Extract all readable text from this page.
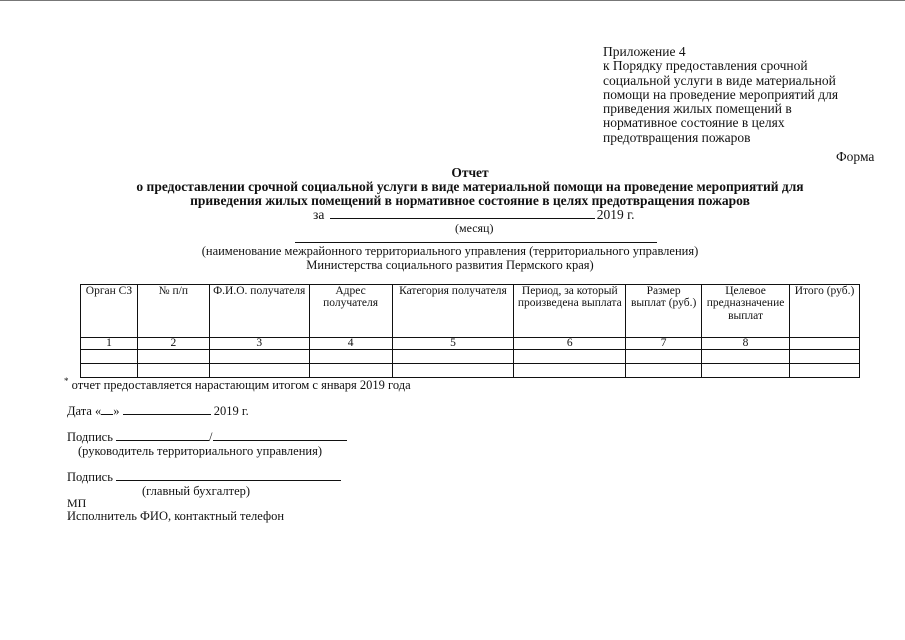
Приложение 4
к Порядку предоставления срочной
социальной услуги в виде материальной
помощи на проведение мероприятий для
приведения жилых помещений в
нормативное состояние в целях
предотвращения пожаров
Форма
Отчет
о предоставлении срочной социальной услуги в виде материальной помощи на проведение мероприятий для
приведения жилых помещений в нормативное состояние в целях предотвращения пожаров
за	2019 г.
(месяц)
(наименование межрайонного территориального управления (территориального управления)
Министерства социального развития Пермского края)
Орган СЗ	№ п/п	Ф.И.О. получателя	Адрес получателя	Категория получателя	Период, за который произведена выплата	Размер выплат (руб.)	Целевое предназначение выплат	Итого (руб.)
1	2	3	4	5	6	7	8	

* отчет предоставляется нарастающим итогом с января 2019 года
Дата « »	2019 г.
Подпись	/
(руководитель территориального управления)
Подпись
(главный бухгалтер)
МП
Исполнитель ФИО, контактный телефон
